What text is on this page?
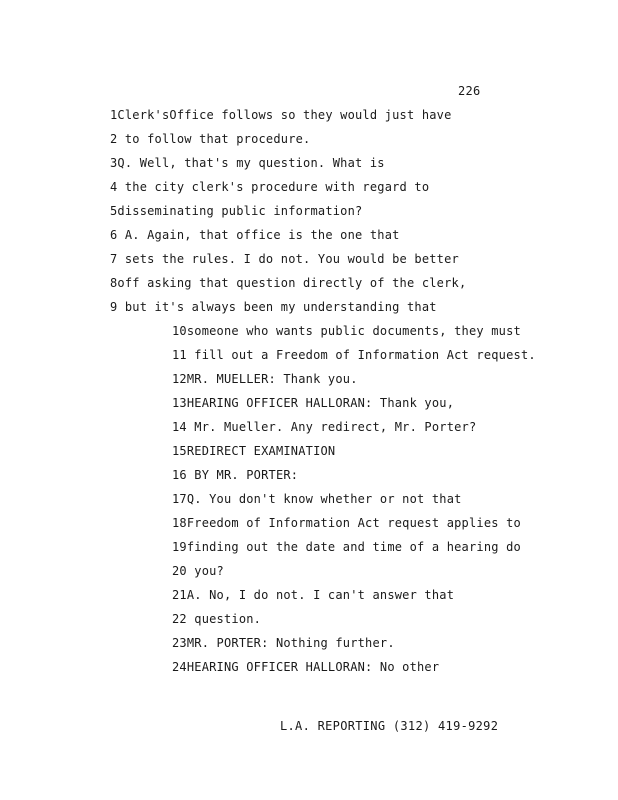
226
1Clerk'sOffice follows so they would just have
2 to follow that procedure.
3Q. Well, that's my question. What is
4 the city clerk's procedure with regard to
5disseminating public information?
6 A. Again, that office is the one that
7 sets the rules. I do not. You would be better
8off asking that question directly of the clerk,
9 but it's always been my understanding that
10someone who wants public documents, they must
11 fill out a Freedom of Information Act request.
12MR. MUELLER: Thank you.
13HEARING OFFICER HALLORAN: Thank you,
14 Mr. Mueller. Any redirect, Mr. Porter?
15REDIRECT EXAMINATION
16 BY MR. PORTER:
17Q. You don't know whether or not that
18Freedom of Information Act request applies to
19finding out the date and time of a hearing do
20 you?
21A. No, I do not. I can't answer that
22 question.
23MR. PORTER: Nothing further.
24HEARING OFFICER HALLORAN: No other
L.A. REPORTING (312) 419-9292
